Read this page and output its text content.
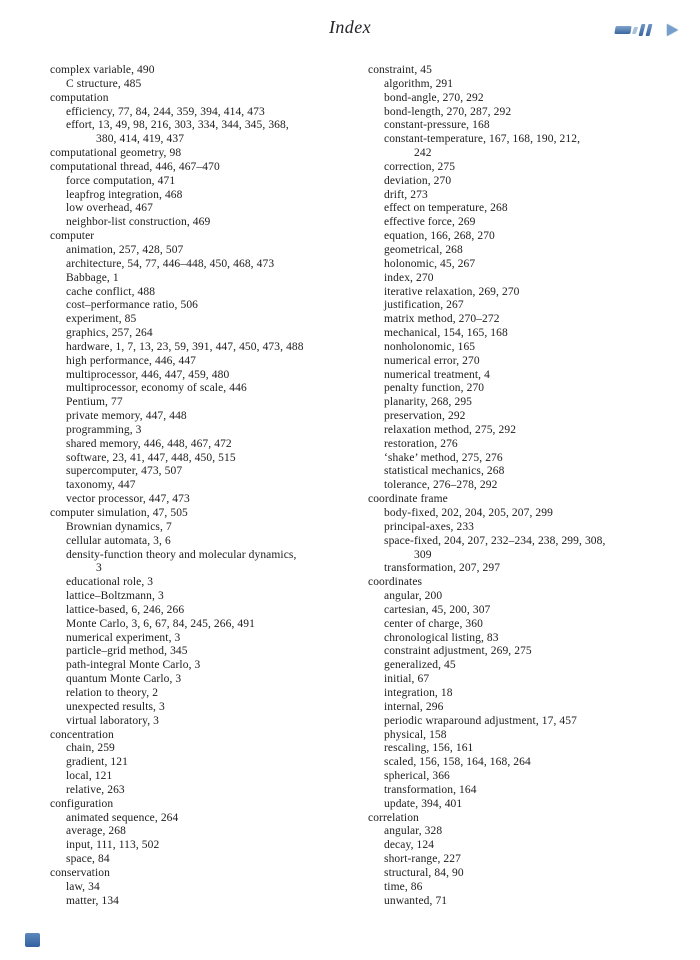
Index
complex variable, 490
C structure, 485
computation
efficiency, 77, 84, 244, 359, 394, 414, 473
effort, 13, 49, 98, 216, 303, 334, 344, 345, 368,
380, 414, 419, 437
computational geometry, 98
computational thread, 446, 467–470
force computation, 471
leapfrog integration, 468
low overhead, 467
neighbor-list construction, 469
computer
animation, 257, 428, 507
architecture, 54, 77, 446–448, 450, 468, 473
Babbage, 1
cache conflict, 488
cost–performance ratio, 506
experiment, 85
graphics, 257, 264
hardware, 1, 7, 13, 23, 59, 391, 447, 450, 473, 488
high performance, 446, 447
multiprocessor, 446, 447, 459, 480
multiprocessor, economy of scale, 446
Pentium, 77
private memory, 447, 448
programming, 3
shared memory, 446, 448, 467, 472
software, 23, 41, 447, 448, 450, 515
supercomputer, 473, 507
taxonomy, 447
vector processor, 447, 473
computer simulation, 47, 505
Brownian dynamics, 7
cellular automata, 3, 6
density-function theory and molecular dynamics,
3
educational role, 3
lattice–Boltzmann, 3
lattice-based, 6, 246, 266
Monte Carlo, 3, 6, 67, 84, 245, 266, 491
numerical experiment, 3
particle–grid method, 345
path-integral Monte Carlo, 3
quantum Monte Carlo, 3
relation to theory, 2
unexpected results, 3
virtual laboratory, 3
concentration
chain, 259
gradient, 121
local, 121
relative, 263
configuration
animated sequence, 264
average, 268
input, 111, 113, 502
space, 84
conservation
law, 34
matter, 134
constraint, 45
algorithm, 291
bond-angle, 270, 292
bond-length, 270, 287, 292
constant-pressure, 168
constant-temperature, 167, 168, 190, 212,
242
correction, 275
deviation, 270
drift, 273
effect on temperature, 268
effective force, 269
equation, 166, 268, 270
geometrical, 268
holonomic, 45, 267
index, 270
iterative relaxation, 269, 270
justification, 267
matrix method, 270–272
mechanical, 154, 165, 168
nonholonomic, 165
numerical error, 270
numerical treatment, 4
penalty function, 270
planarity, 268, 295
preservation, 292
relaxation method, 275, 292
restoration, 276
‘shake’ method, 275, 276
statistical mechanics, 268
tolerance, 276–278, 292
coordinate frame
body-fixed, 202, 204, 205, 207, 299
principal-axes, 233
space-fixed, 204, 207, 232–234, 238, 299, 308,
309
transformation, 207, 297
coordinates
angular, 200
cartesian, 45, 200, 307
center of charge, 360
chronological listing, 83
constraint adjustment, 269, 275
generalized, 45
initial, 67
integration, 18
internal, 296
periodic wraparound adjustment, 17, 457
physical, 158
rescaling, 156, 161
scaled, 156, 158, 164, 168, 264
spherical, 366
transformation, 164
update, 394, 401
correlation
angular, 328
decay, 124
short-range, 227
structural, 84, 90
time, 86
unwanted, 71
